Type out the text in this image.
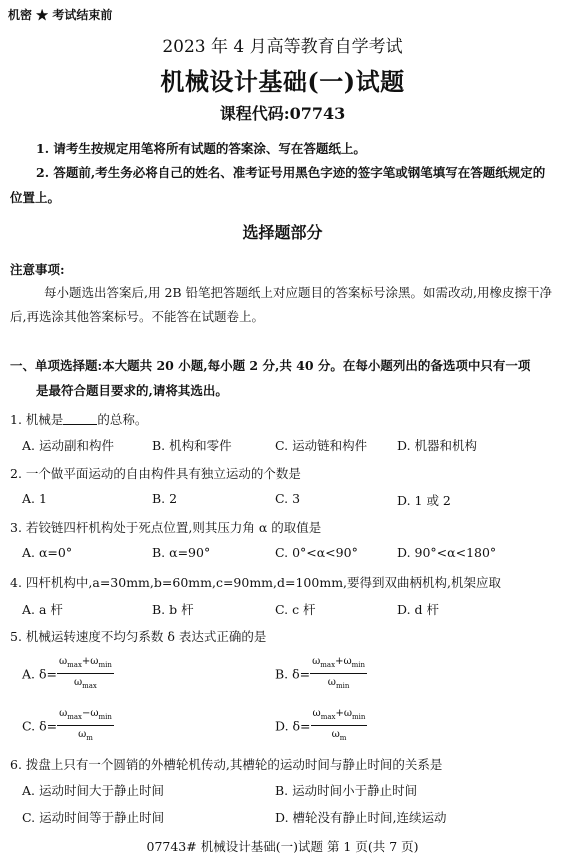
机密 ★ 考试结束前
2023 年 4 月高等教育自学考试
机械设计基础(一)试题
课程代码:07743
1. 请考生按规定用笔将所有试题的答案涂、写在答题纸上。
2. 答题前,考生务必将自己的姓名、准考证号用黑色字迹的签字笔或钢笔填写在答题纸规定的位置上。
选择题部分
注意事项:
每小题选出答案后,用 2B 铅笔把答题纸上对应题目的答案标号涂黑。如需改动,用橡皮擦干净后,再选涂其他答案标号。不能答在试题卷上。
一、单项选择题:本大题共 20 小题,每小题 2 分,共 40 分。在每小题列出的备选项中只有一项
是最符合题目要求的,请将其选出。
1. 机械是	的总称。
A. 运动副和构件	B. 机构和零件	C. 运动链和构件 D. 机器和机构
2. 一个做平面运动的自由构件具有独立运动的个数是
A. 1	B. 2	C. 3	D. 1 或 2
3. 若铰链四杆机构处于死点位置,则其压力角 α 的取值是
A. α=0°	B. α=90°	C. 0°<α<90°	D. 90°<α<180°
4. 四杆机构中,a=30mm,b=60mm,c=90mm,d=100mm,要得到双曲柄机构,机架应取
A. a 杆	B. b 杆	C. c 杆	D. d 杆
5. 机械运转速度不均匀系数 δ 表达式正确的是
A. $\delta= \frac{\omega_{max}+\omega_{min}}{\omega_{max}}$	B. $\delta= \frac{\omega_{max}+\omega_{min}}{\omega_{min}}$
C. $\delta= \frac{\omega_{max}-\omega_{min}}{\omega_m}$	D. $\delta= \frac{\omega_{max}+\omega_{min}}{\omega_m}$
6. 拨盘上只有一个圆销的外槽轮机传动,其槽轮的运动时间与静止时间的关系是
A. 运动时间大于静止时间	B. 运动时间小于静止时间
C. 运动时间等于静止时间	D. 槽轮没有静止时间,连续运动
07743# 机械设计基础(一)试题 第 1 页(共 7 页)
